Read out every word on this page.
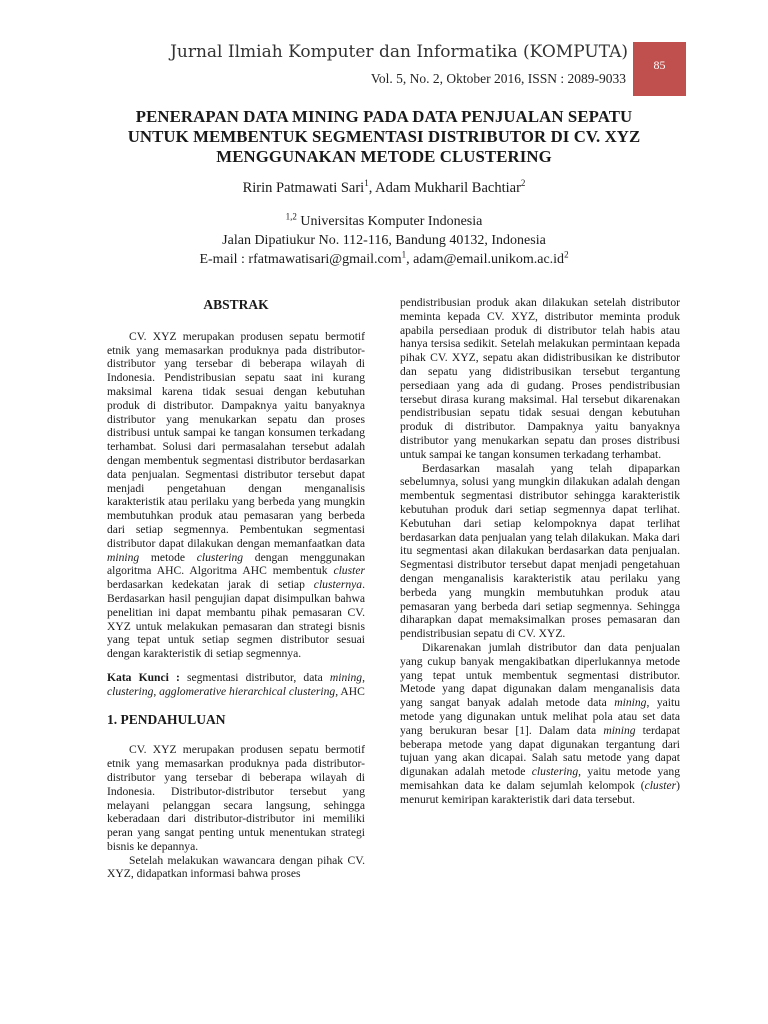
Jurnal Ilmiah Komputer dan Informatika (KOMPUTA)
Vol. 5, No. 2, Oktober 2016, ISSN : 2089-9033
85
PENERAPAN DATA MINING PADA DATA PENJUALAN SEPATU
UNTUK MEMBENTUK SEGMENTASI DISTRIBUTOR DI CV. XYZ
MENGGUNAKAN METODE CLUSTERING
Ririn Patmawati Sari$^1$, Adam Mukharil Bachtiar$^2$
$^{1,2}$ Universitas Komputer Indonesia
Jalan Dipatiukur No. 112-116, Bandung 40132, Indonesia
E-mail : rfatmawatisari@gmail.com$^1$, $adam@email.unikom.ac.id^2$
ABSTRAK

CV. XYZ merupakan produsen sepatu bermotif etnik yang memasarkan produknya pada distributor-distributor yang tersebar di beberapa wilayah di Indonesia. Pendistribusian sepatu saat ini kurang maksimal karena tidak sesuai dengan kebutuhan produk di distributor. Dampaknya yaitu banyaknya distributor yang menukarkan sepatu dan proses distribusi untuk sampai ke tangan konsumen terkadang terhambat. Solusi dari permasalahan tersebut adalah dengan membentuk segmentasi distributor berdasarkan data penjualan. Segmentasi distributor tersebut dapat menjadi pengetahuan dengan menganalisis karakteristik atau perilaku yang berbeda yang mungkin membutuhkan produk atau pemasaran yang berbeda dari setiap segmennya. Pembentukan segmentasi distributor dapat dilakukan dengan memanfaatkan data mining metode clustering dengan menggunakan algoritma AHC. Algoritma AHC membentuk cluster berdasarkan kedekatan jarak di setiap clusternya. Berdasarkan hasil pengujian dapat disimpulkan bahwa penelitian ini dapat membantu pihak pemasaran CV. XYZ untuk melakukan pemasaran dan strategi bisnis yang tepat untuk setiap segmen distributor sesuai dengan karakteristik di setiap segmennya.

Kata Kunci : segmentasi distributor, data mining, clustering, agglomerative hierarchical clustering, AHC

1. PENDAHULUAN

CV. XYZ merupakan produsen sepatu bermotif etnik yang memasarkan produknya pada distributor-distributor yang tersebar di beberapa wilayah di Indonesia. Distributor-distributor tersebut yang melayani pelanggan secara langsung, sehingga keberadaan dari distributor-distributor ini memiliki peran yang sangat penting untuk menentukan strategi bisnis ke depannya.

Setelah melakukan wawancara dengan pihak CV. XYZ, didapatkan informasi bahwa proses

pendistribusian produk akan dilakukan setelah distributor meminta kepada CV. XYZ, distributor meminta produk apabila persediaan produk di distributor telah habis atau hanya tersisa sedikit. Setelah melakukan permintaan kepada pihak CV. XYZ, sepatu akan didistribusikan ke distributor dan sepatu yang didistribusikan tersebut tergantung persediaan yang ada di gudang. Proses pendistribusian tersebut dirasa kurang maksimal. Hal tersebut dikarenakan pendistribusian sepatu tidak sesuai dengan kebutuhan produk di distributor. Dampaknya yaitu banyaknya distributor yang menukarkan sepatu dan proses distribusi untuk sampai ke tangan konsumen terkadang terhambat.

Berdasarkan masalah yang telah dipaparkan sebelumnya, solusi yang mungkin dilakukan adalah dengan membentuk segmentasi distributor sehingga karakteristik kebutuhan produk dari setiap segmennya dapat terlihat. Kebutuhan dari setiap kelompoknya dapat terlihat berdasarkan data penjualan yang telah dilakukan. Maka dari itu segmentasi akan dilakukan berdasarkan data penjualan. Segmentasi distributor tersebut dapat menjadi pengetahuan dengan menganalisis karakteristik atau perilaku yang berbeda yang mungkin membutuhkan produk atau pemasaran yang berbeda dari setiap segmennya. Sehingga diharapkan dapat memaksimalkan proses pemasaran dan pendistribusian sepatu di CV. XYZ.

Dikarenakan jumlah distributor dan data penjualan yang cukup banyak mengakibatkan diperlukannya metode yang tepat untuk membentuk segmentasi distributor. Metode yang dapat digunakan dalam menganalisis data yang sangat banyak adalah metode data mining, yaitu metode yang digunakan untuk melihat pola atau set data yang berukuran besar [1]. Dalam data mining terdapat beberapa metode yang dapat digunakan tergantung dari tujuan yang akan dicapai. Salah satu metode yang dapat digunakan adalah metode clustering, yaitu metode yang memisahkan data ke dalam sejumlah kelompok (cluster) menurut kemiripan karakteristik dari data tersebut.
